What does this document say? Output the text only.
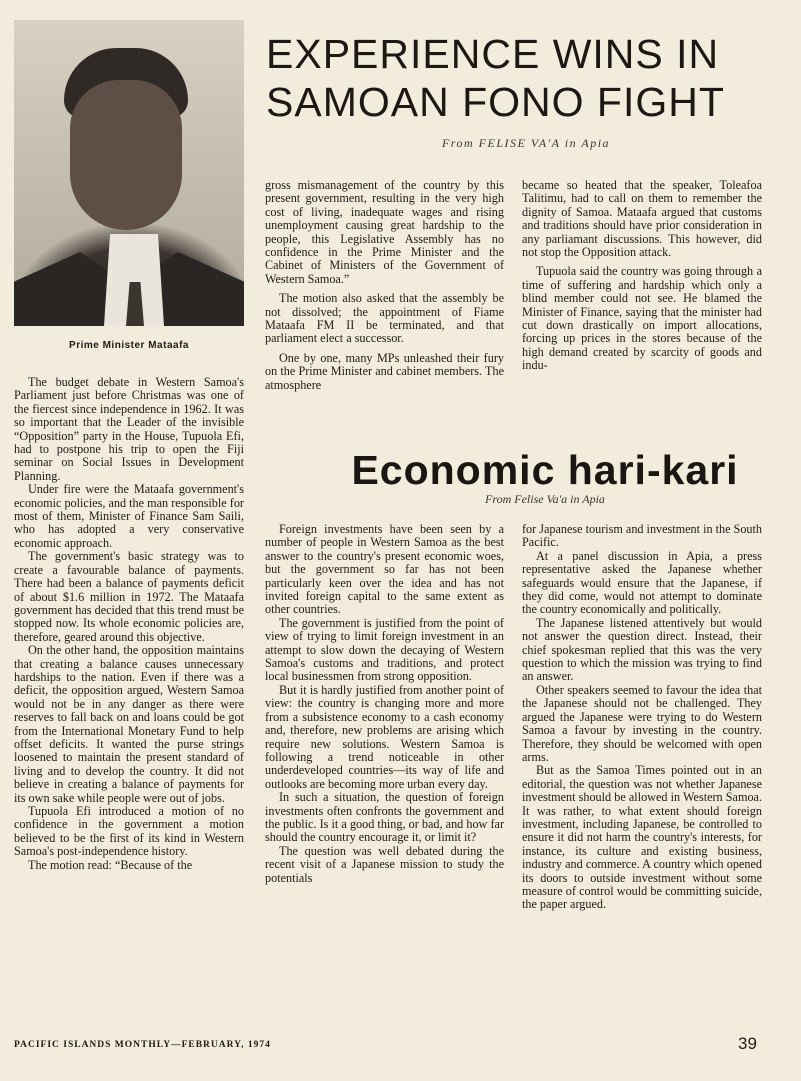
Prime Minister Mataafa
EXPERIENCE WINS IN SAMOAN FONO FIGHT
From FELISE VA'A in Apia

The budget debate in Western Samoa's Parliament just before Christmas was one of the fiercest since independence in 1962. It was so important that the Leader of the invisible “Opposition” party in the House, Tupuola Efi, had to postpone his trip to open the Fiji seminar on Social Issues in Development Planning.

Under fire were the Mataafa government's economic policies, and the man responsible for most of them, Minister of Finance Sam Saili, who has adopted a very conservative economic approach.

The government's basic strategy was to create a favourable balance of payments. There had been a balance of payments deficit of about $1.6 million in 1972. The Mataafa government has decided that this trend must be stopped now. Its whole economic policies are, therefore, geared around this objective.

On the other hand, the opposition maintains that creating a balance causes unnecessary hardships to the nation. Even if there was a deficit, the opposition argued, Western Samoa would not be in any danger as there were reserves to fall back on and loans could be got from the International Monetary Fund to help offset deficits. It wanted the purse strings loosened to maintain the present standard of living and to develop the country. It did not believe in creating a balance of payments for its own sake while people were out of jobs.

Tupuola Efi introduced a motion of no confidence in the government a motion believed to be the first of its kind in Western Samoa's post-independence history.

The motion read: “Because of the

gross mismanagement of the country by this present government, resulting in the very high cost of living, inadequate wages and rising unemployment causing great hardship to the people, this Legislative Assembly has no confidence in the Prime Minister and the Cabinet of Ministers of the Government of Western Samoa.”

The motion also asked that the assembly be not dissolved; the appointment of Fiame Mataafa FM II be terminated, and that parliament elect a successor.

One by one, many MPs unleashed their fury on the Prime Minister and cabinet members. The atmosphere

became so heated that the speaker, Toleafoa Talitimu, had to call on them to remember the dignity of Samoa. Mataafa argued that customs and traditions should have prior consideration in any parliamant discussions. This however, did not stop the Opposition attack.

Tupuola said the country was going through a time of suffering and hardship which only a blind member could not see. He blamed the Minister of Finance, saying that the minister had cut down drastically on import allocations, forcing up prices in the stores because of the high demand created by scarcity of goods and indu-

Economic hari-kari
From Felise Va'a in Apia

Foreign investments have been seen by a number of people in Western Samoa as the best answer to the country's present economic woes, but the government so far has not been particularly keen over the idea and has not invited foreign capital to the same extent as other countries.

The government is justified from the point of view of trying to limit foreign investment in an attempt to slow down the decaying of Western Samoa's customs and traditions, and protect local businessmen from strong opposition.

But it is hardly justified from another point of view: the country is changing more and more from a subsistence economy to a cash economy and, therefore, new problems are arising which require new solutions. Western Samoa is following a trend noticeable in other underdeveloped countries—its way of life and outlooks are becoming more urban every day.

In such a situation, the question of foreign investments often confronts the government and the public. Is it a good thing, or bad, and how far should the country encourage it, or limit it?

The question was well debated during the recent visit of a Japanese mission to study the potentials

for Japanese tourism and investment in the South Pacific.

At a panel discussion in Apia, a press representative asked the Japanese whether safeguards would ensure that the Japanese, if they did come, would not attempt to dominate the country economically and politically.

The Japanese listened attentively but would not answer the question direct. Instead, their chief spokesman replied that this was the very question to which the mission was trying to find an answer.

Other speakers seemed to favour the idea that the Japanese should not be challenged. They argued the Japanese were trying to do Western Samoa a favour by investing in the country. Therefore, they should be welcomed with open arms.

But as the Samoa Times pointed out in an editorial, the question was not whether Japanese investment should be allowed in Western Samoa. It was rather, to what extent should foreign investment, including Japanese, be controlled to ensure it did not harm the country's interests, for instance, its culture and existing business, industry and commerce. A country which opened its doors to outside investment without some measure of control would be committing suicide, the paper argued.

PACIFIC ISLANDS MONTHLY—FEBRUARY, 1974	39
